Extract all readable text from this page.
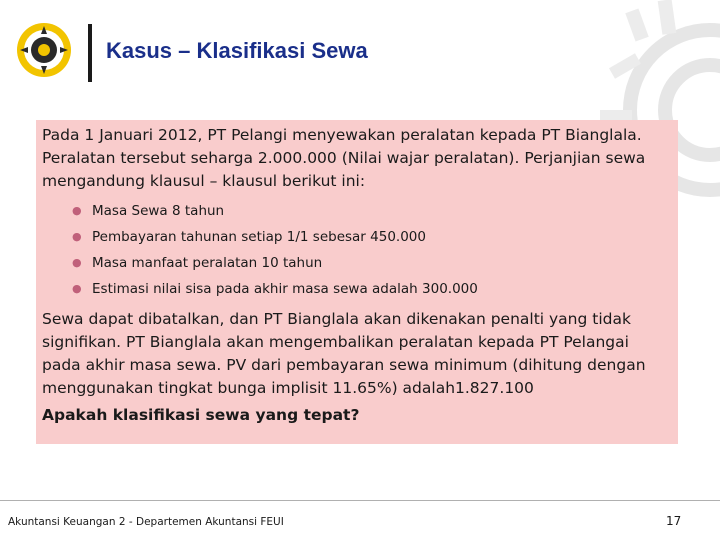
Kasus – Klasifikasi Sewa

Pada 1 Januari 2012, PT Pelangi menyewakan peralatan kepada PT Bianglala. Peralatan tersebut seharga 2.000.000 (Nilai wajar peralatan). Perjanjian sewa mengandung klausul – klausul berikut ini:

● Masa Sewa 8 tahun
● Pembayaran tahunan setiap 1/1 sebesar 450.000
● Masa manfaat peralatan 10 tahun
● Estimasi nilai sisa pada akhir masa sewa adalah 300.000

Sewa dapat dibatalkan, dan PT Bianglala akan dikenakan penalti yang tidak signifikan. PT Bianglala akan mengembalikan peralatan kepada PT Pelangai pada akhir masa sewa. PV dari pembayaran sewa minimum (dihitung dengan menggunakan tingkat bunga implisit 11.65%) adalah1.827.100

Apakah klasifikasi sewa yang tepat?

Akuntansi Keuangan 2 - Departemen Akuntansi FEUI	17
